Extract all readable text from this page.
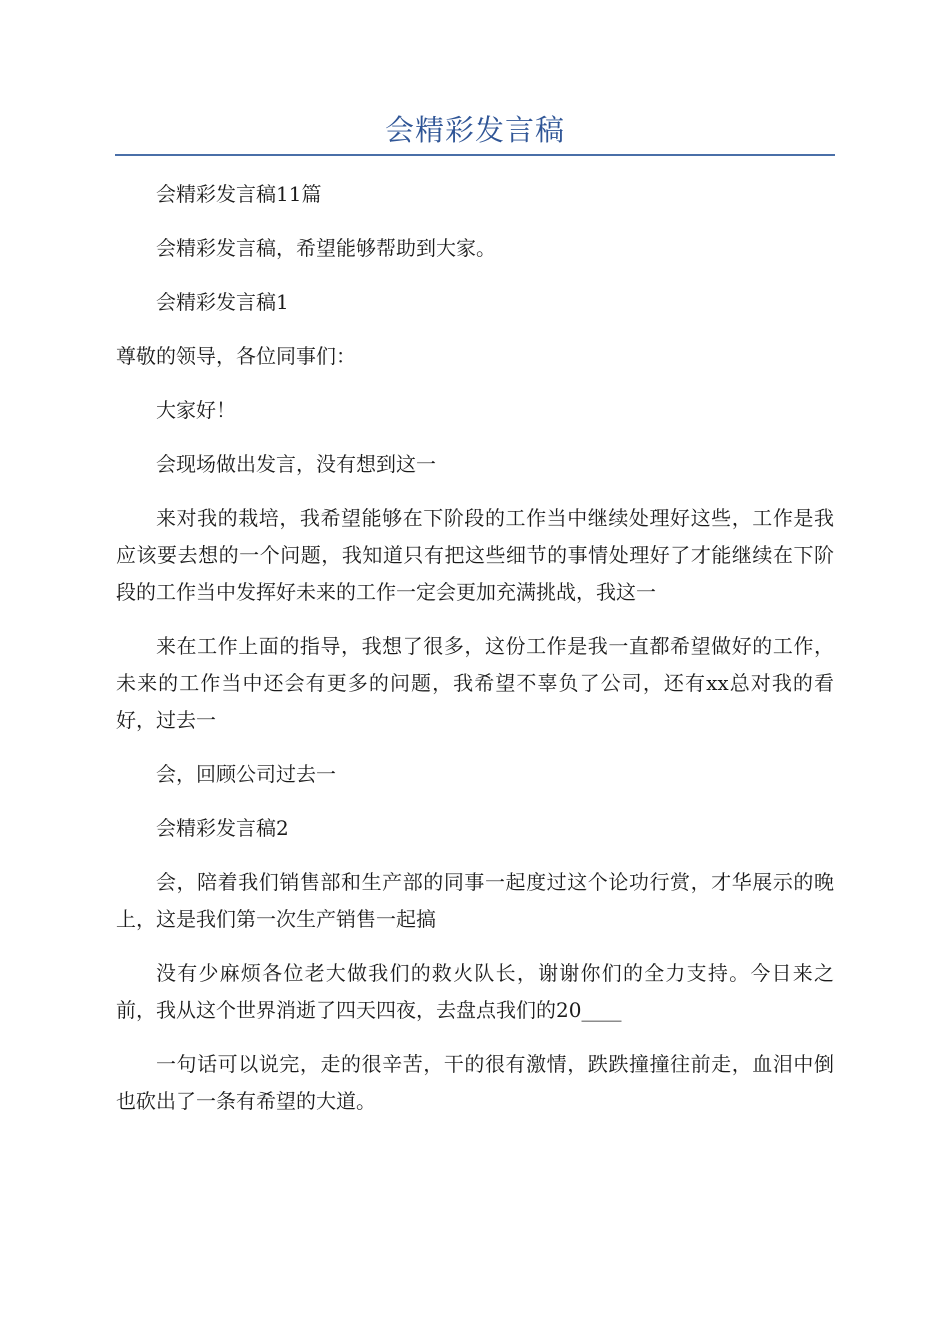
会精彩发言稿

会精彩发言稿11篇

会精彩发言稿，希望能够帮助到大家。

会精彩发言稿1

尊敬的领导，各位同事们：

大家好！

会现场做出发言，没有想到这一

来对我的栽培，我希望能够在下阶段的工作当中继续处理好这些，工作是我应该要去想的一个问题，我知道只有把这些细节的事情处理好了才能继续在下阶段的工作当中发挥好未来的工作一定会更加充满挑战，我这一

来在工作上面的指导，我想了很多，这份工作是我一直都希望做好的工作，未来的工作当中还会有更多的问题，我希望不辜负了公司，还有xx总对我的看好，过去一

会，回顾公司过去一

会精彩发言稿2

会，陪着我们销售部和生产部的同事一起度过这个论功行赏，才华展示的晚上，这是我们第一次生产销售一起搞

没有少麻烦各位老大做我们的救火队长，谢谢你们的全力支持。今日来之前，我从这个世界消逝了四天四夜，去盘点我们的20____

一句话可以说完，走的很辛苦，干的很有激情，跌跌撞撞往前走，血泪中倒也砍出了一条有希望的大道。
